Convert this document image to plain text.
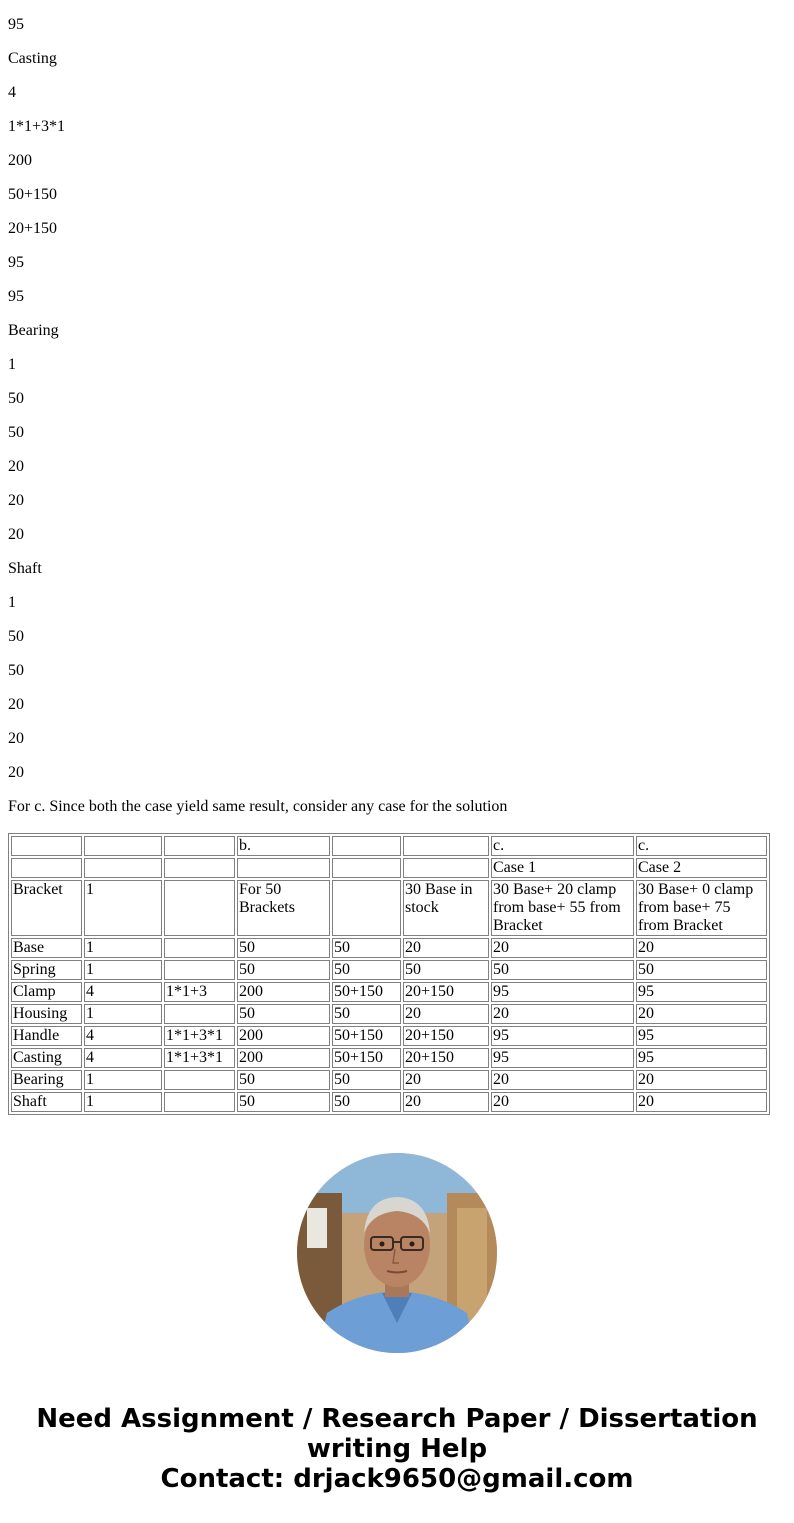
95

Casting

4

1*1+3*1

200

50+150

20+150

95

95

Bearing

1

50

50

20

20

20

Shaft

1

50

50

20

20

20

For c. Since both the case yield same result, consider any case for the solution

			b.			c.	c.
						Case 1	Case 2
Bracket	1		For 50 Brackets		30 Base in stock	30 Base+ 20 clamp from base+ 55 from Bracket	30 Base+ 0 clamp from base+ 75 from Bracket
Base	1		50	50	20	20	20
Spring	1		50	50	50	50	50
Clamp	4	1*1+3	200	50+150	20+150	95	95
Housing	1		50	50	20	20	20
Handle	4	1*1+3*1	200	50+150	20+150	95	95
Casting	4	1*1+3*1	200	50+150	20+150	95	95
Bearing	1		50	50	20	20	20
Shaft	1		50	50	20	20	20
Need Assignment / Research Paper / Dissertation
writing Help
Contact: drjack9650@gmail.com
